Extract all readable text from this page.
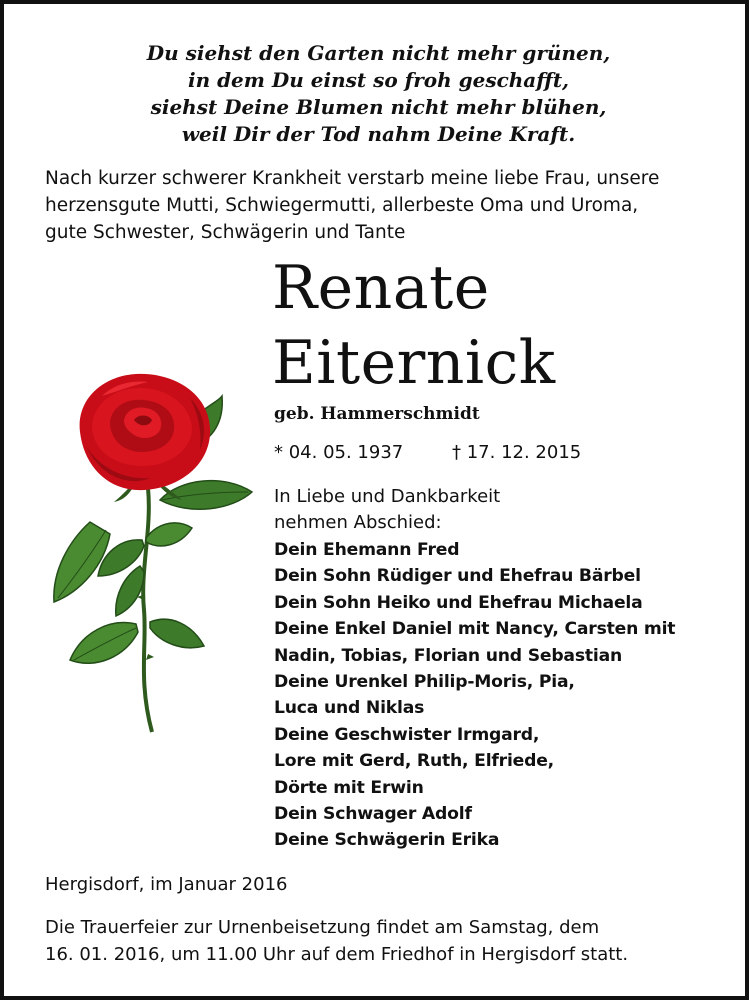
Du siehst den Garten nicht mehr grünen,
in dem Du einst so froh geschafft,
siehst Deine Blumen nicht mehr blühen,
weil Dir der Tod nahm Deine Kraft.
Nach kurzer schwerer Krankheit verstarb meine liebe Frau, unsere
herzensgute Mutti, Schwiegermutti, allerbeste Oma und Uroma,
gute Schwester, Schwägerin und Tante
Renate
Eiternick
geb. Hammerschmidt
* 04. 05. 1937	† 17. 12. 2015
In Liebe und Dankbarkeit
nehmen Abschied:
Dein Ehemann Fred
Dein Sohn Rüdiger und Ehefrau Bärbel
Dein Sohn Heiko und Ehefrau Michaela
Deine Enkel Daniel mit Nancy, Carsten mit
Nadin, Tobias, Florian und Sebastian
Deine Urenkel Philip-Moris, Pia,
Luca und Niklas
Deine Geschwister Irmgard,
Lore mit Gerd, Ruth, Elfriede,
Dörte mit Erwin
Dein Schwager Adolf
Deine Schwägerin Erika
Hergisdorf, im Januar 2016
Die Trauerfeier zur Urnenbeisetzung findet am Samstag, dem
16. 01. 2016, um 11.00 Uhr auf dem Friedhof in Hergisdorf statt.
